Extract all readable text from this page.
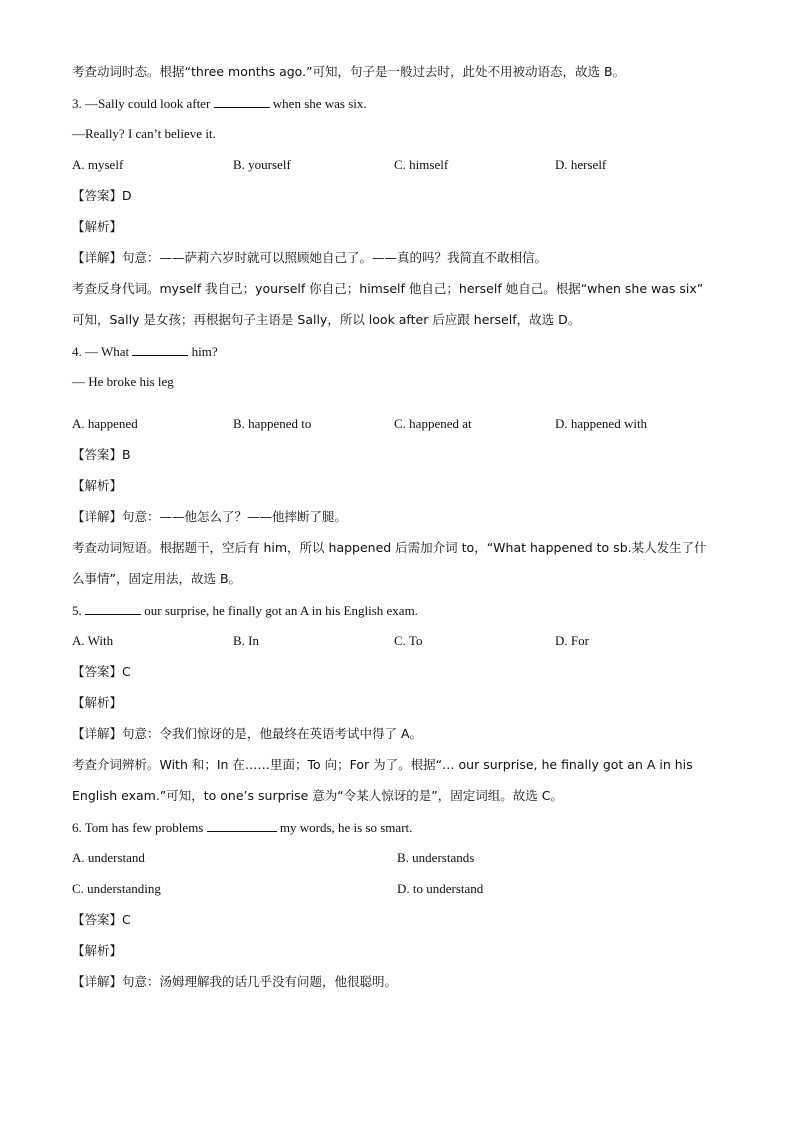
考查动词时态。根据“three months ago.”可知，句子是一般过去时，此处不用被动语态，故选 B。
3. —Sally could look after	when she was six.
—Really? I can’t believe it.
A. myself	B. yourself	C. himself	D. herself
【答案】D
【解析】
【详解】句意：——萨莉六岁时就可以照顾她自己了。——真的吗？我简直不敢相信。
考查反身代词。myself 我自己；yourself 你自己；himself 他自己；herself 她自己。根据“when she was six”
可知，Sally 是女孩；再根据句子主语是 Sally，所以 look after 后应跟 herself，故选 D。
4. — What	him?
— He broke his leg
A. happened	B. happened to	C. happened at	D. happened with
【答案】B
【解析】
【详解】句意：——他怎么了？——他摔断了腿。
考查动词短语。根据题干，空后有 him，所以 happened 后需加介词 to，“What happened to sb.某人发生了什
么事情”，固定用法，故选 B。
5.	our surprise, he finally got an A in his English exam.
A. With	B. In	C. To	D. For
【答案】C
【解析】
【详解】句意：令我们惊讶的是，他最终在英语考试中得了 A。
考查介词辨析。With 和；In 在……里面；To 向；For 为了。根据“… our surprise, he finally got an A in his
English exam.”可知，to one’s surprise 意为“令某人惊讶的是”，固定词组。故选 C。
6. Tom has few problems	my words, he is so smart.
A. understand	B. understands
C. understanding	D. to understand
【答案】C
【解析】
【详解】句意：汤姆理解我的话几乎没有问题，他很聪明。
